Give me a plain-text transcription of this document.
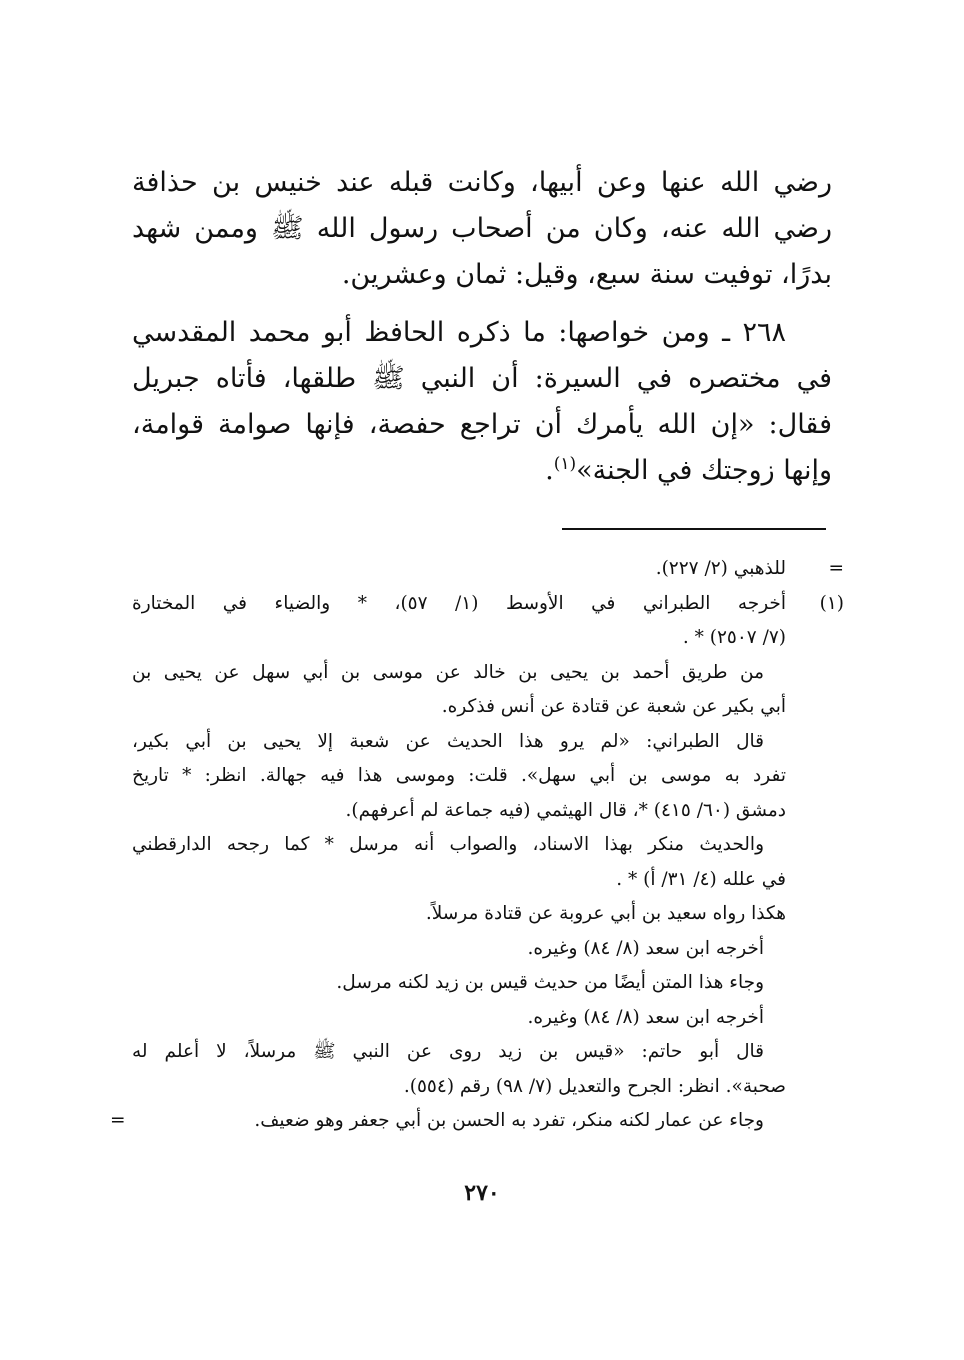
رضي الله عنها وعن أبيها، وكانت قبله عند خنيس بن حذافة رضي الله عنه، وكان من أصحاب رسول الله ﷺ وممن شهد بدرًا، توفيت سنة سبع، وقيل: ثمان وعشرين.

٢٦٨ ـ ومن خواصها: ما ذكره الحافظ أبو محمد المقدسي في مختصره في السيرة: أن النبي ﷺ طلقها، فأتاه جبريل فقال: «إن الله يأمرك أن تراجع حفصة، فإنها صوامة قوامة، وإنها زوجتك في الجنة»$^{(١)}$.

=
للذهبي (٢/ ٢٢٧).
(١)
أخرجه الطبراني في الأوسط (١/ ٥٧)، * والضياء في المختارة
(٧/ ٢٥٠٧) * .
من طريق أحمد بن يحيى بن خالد عن موسى بن أبي سهل عن يحيى بن
أبي بكير عن شعبة عن قتادة عن أنس فذكره.
قال الطبراني: «لم يرو هذا الحديث عن شعبة إلا يحيى بن أبي بكير،
تفرد به موسى بن أبي سهل». قلت: وموسى هذا فيه جهالة. انظر: * تاريخ
دمشق (٦٠/ ٤١٥) *، قال الهيثمي (فيه جماعة لم أعرفهم).
والحديث منكر بهذا الاسناد، والصواب أنه مرسل * كما رجحه الدارقطني
في علله (٤/ ٣١/ أ) * .
هكذا رواه سعيد بن أبي عروبة عن قتادة مرسلاً.
أخرجه ابن سعد (٨/ ٨٤) وغيره.
وجاء هذا المتن أيضًا من حديث قيس بن زيد لكنه مرسل.
أخرجه ابن سعد (٨/ ٨٤) وغيره.
قال أبو حاتم: «قيس بن زيد روى عن النبي ﷺ مرسلاً، لا أعلم له
صحبة». انظر: الجرح والتعديل (٧/ ٩٨) رقم (٥٥٤).
وجاء عن عمار لكنه منكر، تفرد به الحسن بن أبي جعفر وهو ضعيف.
=
٢٧٠
